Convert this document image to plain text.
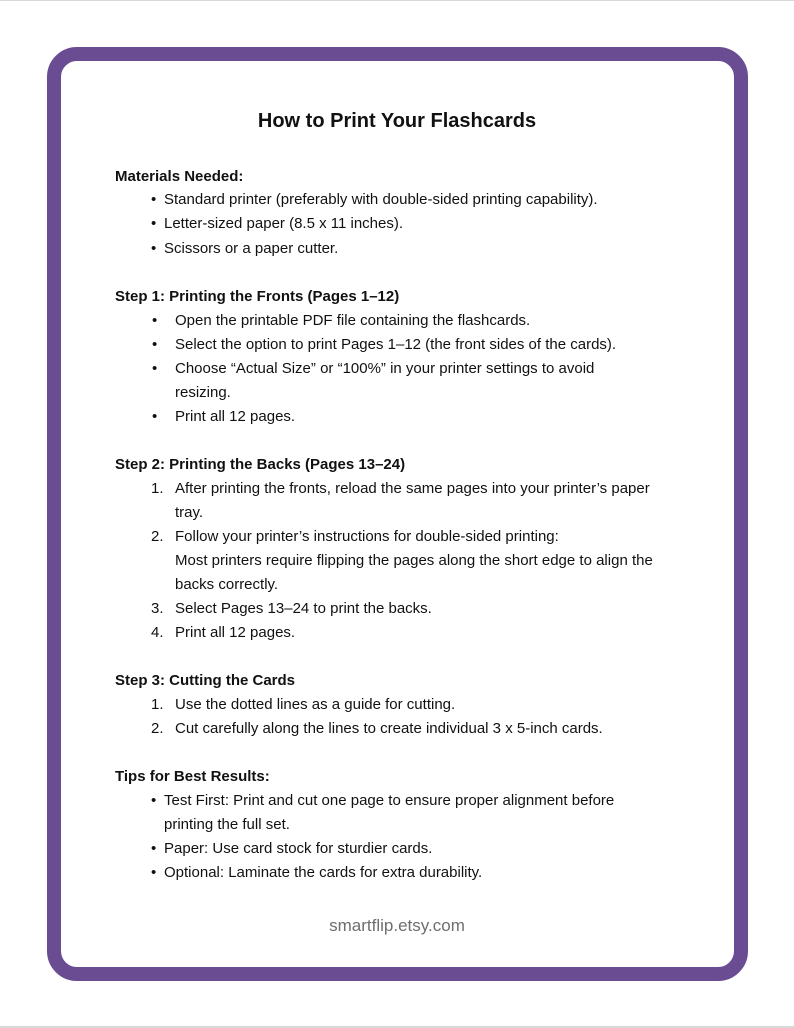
How to Print Your Flashcards
Materials Needed:
• Standard printer (preferably with double-sided printing capability).
• Letter-sized paper (8.5 x 11 inches).
• Scissors or a paper cutter.
Step 1: Printing the Fronts (Pages 1–12)
• Open the printable PDF file containing the flashcards.
• Select the option to print Pages 1–12 (the front sides of the cards).
• Choose “Actual Size” or “100%” in your printer settings to avoid
resizing.
• Print all 12 pages.
Step 2: Printing the Backs (Pages 13–24)
1. After printing the fronts, reload the same pages into your printer’s paper
tray.
2. Follow your printer’s instructions for double-sided printing:
Most printers require flipping the pages along the short edge to align the
backs correctly.
3. Select Pages 13–24 to print the backs.
4. Print all 12 pages.
Step 3: Cutting the Cards
1. Use the dotted lines as a guide for cutting.
2. Cut carefully along the lines to create individual 3 x 5-inch cards.
Tips for Best Results:
• Test First: Print and cut one page to ensure proper alignment before
printing the full set.
• Paper: Use card stock for sturdier cards.
• Optional: Laminate the cards for extra durability.
smartflip.etsy.com
